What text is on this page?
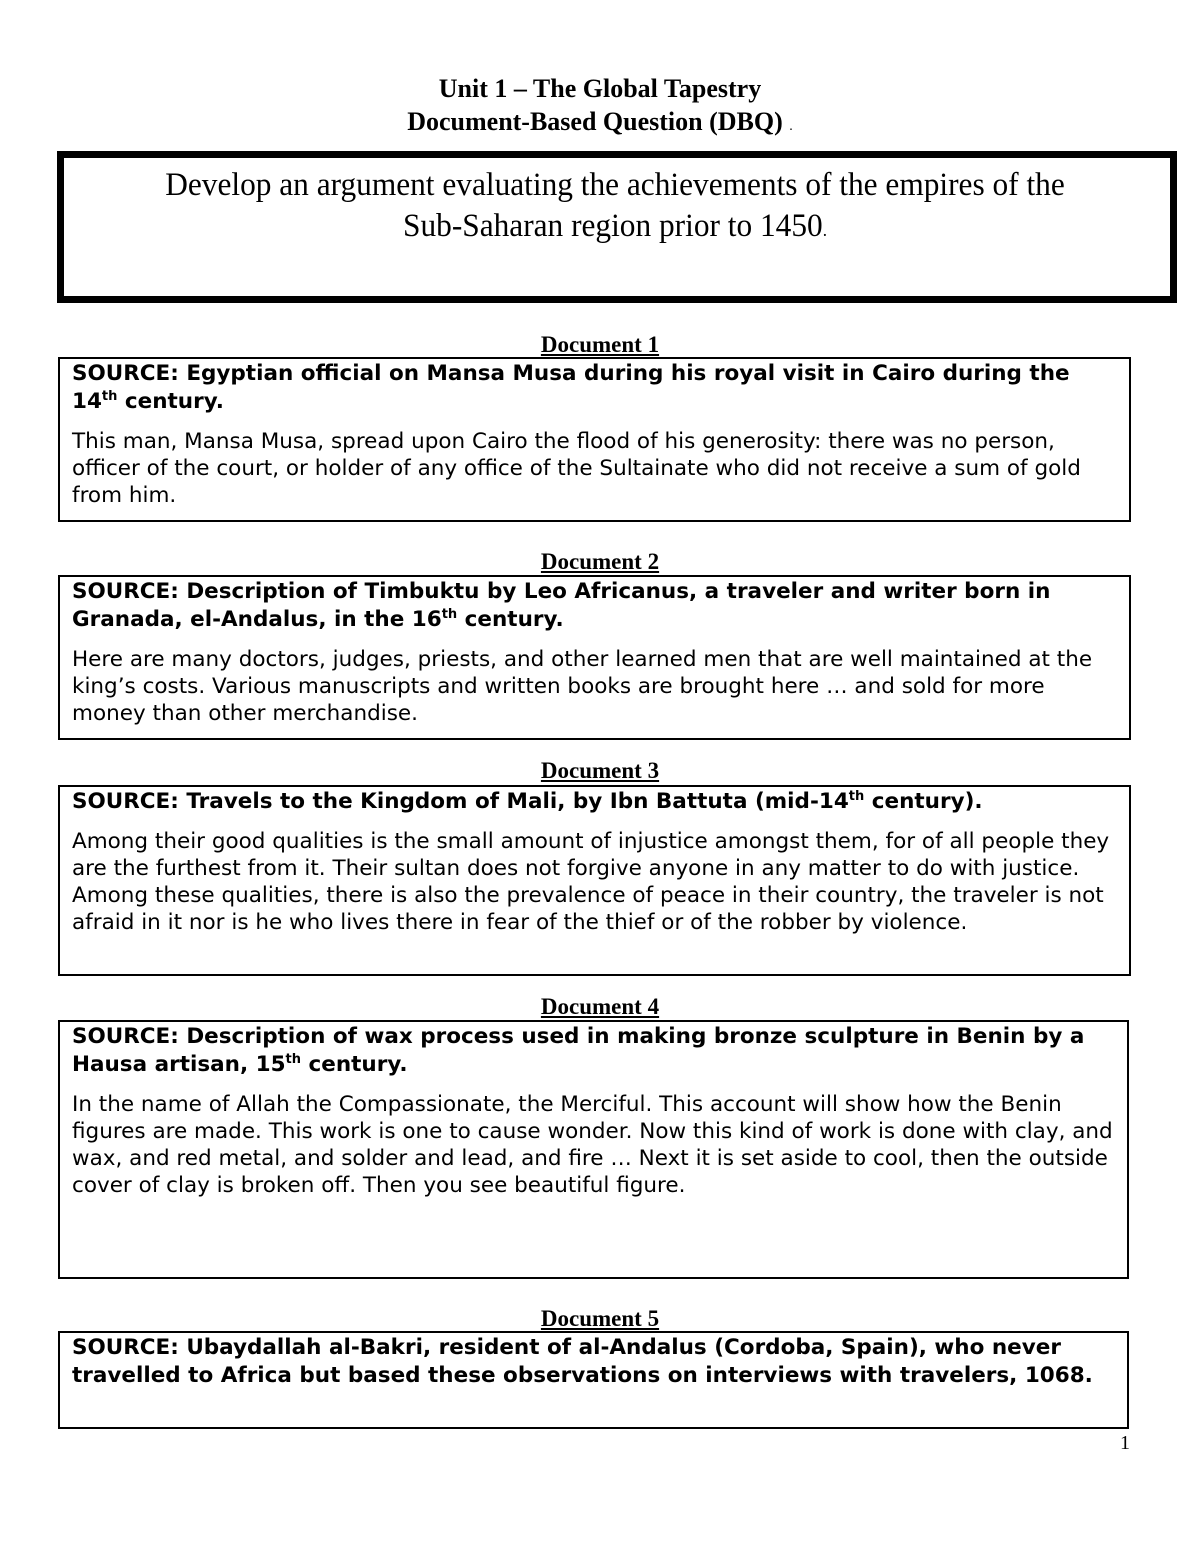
Unit 1 – The Global Tapestry
Document-Based Question (DBQ) .
Develop an argument evaluating the achievements of the empires of the
Sub-Saharan region prior to 1450.
Document 1

SOURCE: Egyptian official on Mansa Musa during his royal visit in Cairo during the 14th century.

This man, Mansa Musa, spread upon Cairo the flood of his generosity: there was no person, officer of the court, or holder of any office of the Sultainate who did not receive a sum of gold from him.

Document 2

SOURCE: Description of Timbuktu by Leo Africanus, a traveler and writer born in Granada, el-Andalus, in the 16th century.

Here are many doctors, judges, priests, and other learned men that are well maintained at the king’s costs. Various manuscripts and written books are brought here … and sold for more money than other merchandise.

Document 3

SOURCE: Travels to the Kingdom of Mali, by Ibn Battuta (mid-14th century).

Among their good qualities is the small amount of injustice amongst them, for of all people they are the furthest from it. Their sultan does not forgive anyone in any matter to do with justice. Among these qualities, there is also the prevalence of peace in their country, the traveler is not afraid in it nor is he who lives there in fear of the thief or of the robber by violence.

Document 4

SOURCE: Description of wax process used in making bronze sculpture in Benin by a Hausa artisan, 15th century.

In the name of Allah the Compassionate, the Merciful. This account will show how the Benin figures are made. This work is one to cause wonder. Now this kind of work is done with clay, and wax, and red metal, and solder and lead, and fire … Next it is set aside to cool, then the outside cover of clay is broken off. Then you see beautiful figure.

Document 5

SOURCE: Ubaydallah al-Bakri, resident of al-Andalus (Cordoba, Spain), who never travelled to Africa but based these observations on interviews with travelers, 1068.

1
